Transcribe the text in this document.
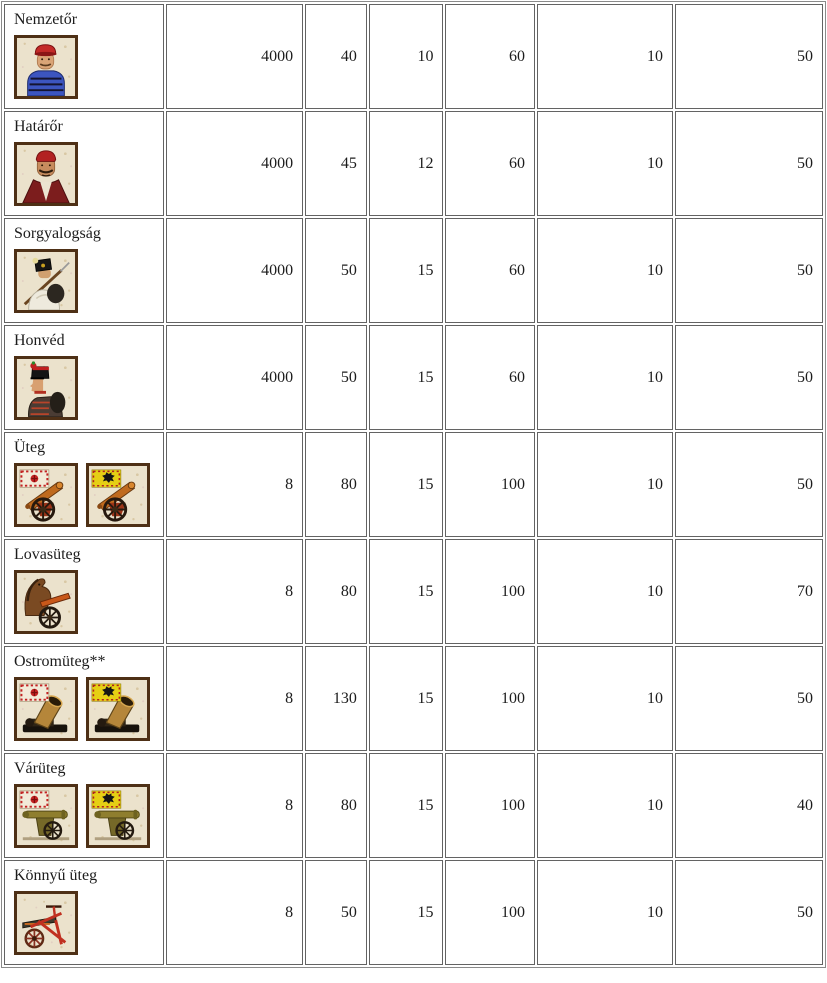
Nemzetőr	4000	40	10	60	10	50

Határőr	4000	45	12	60	10	50

Sorgyalogság	4000	50	15	60	10	50

Honvéd	4000	50	15	60	10	50

Üteg	8	80	15	100	10	50

Lovasüteg	8	80	15	100	10	70

Ostromüteg**	8	130	15	100	10	50

Várüteg	8	80	15	100	10	40

Könnyű üteg	8	50	15	100	10	50
